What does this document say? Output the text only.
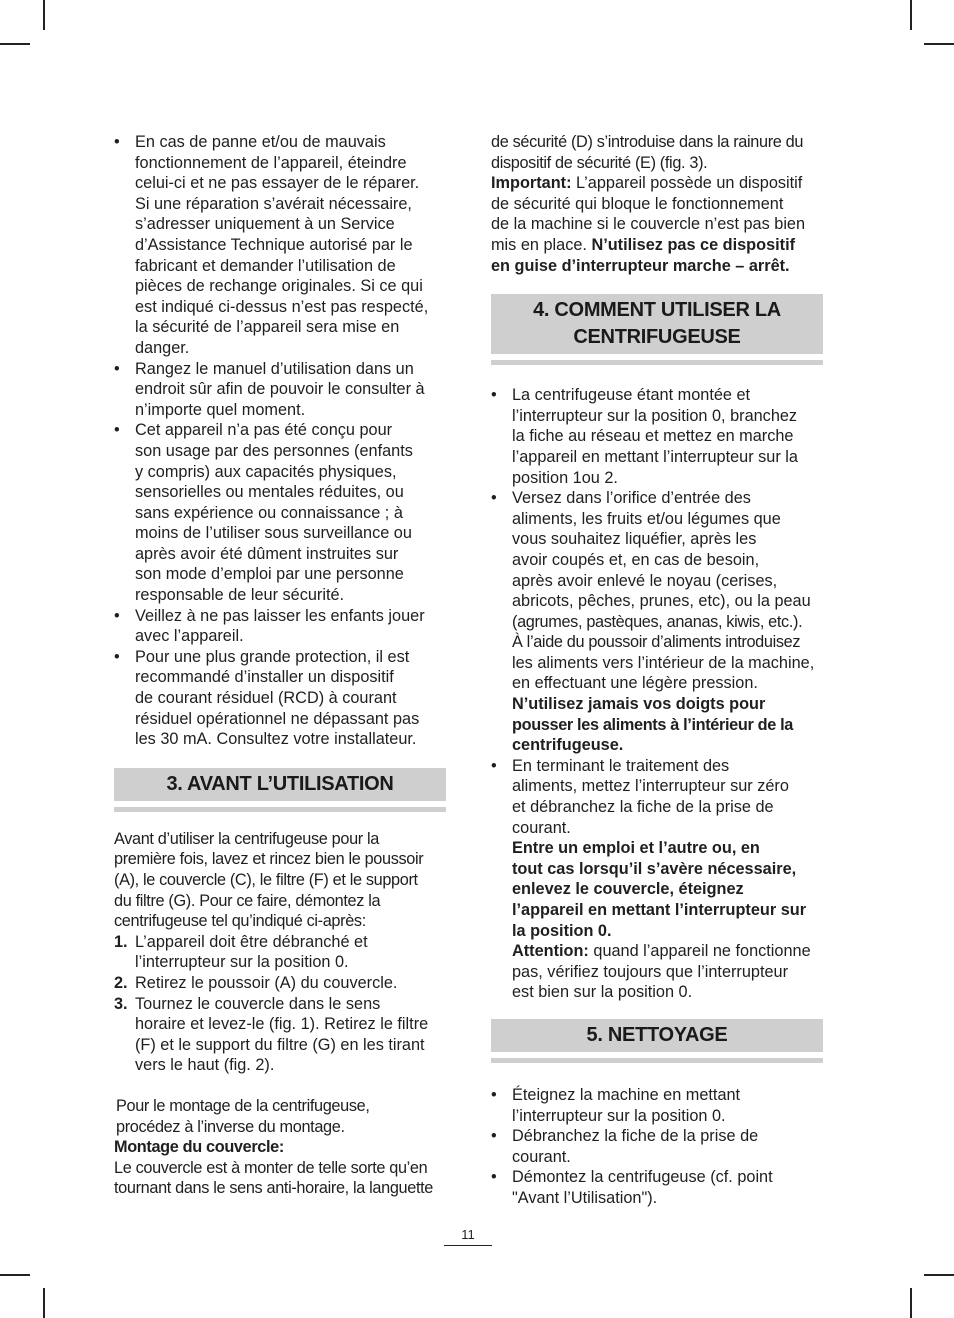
• En cas de panne et/ou de mauvais
fonctionnement de l’appareil, éteindre
celui-ci et ne pas essayer de le réparer.
Si une réparation s’avérait nécessaire,
s’adresser uniquement à un Service
d’Assistance Technique autorisé par le
fabricant et demander l’utilisation de
pièces de rechange originales. Si ce qui
est indiqué ci-dessus n’est pas respecté,
la sécurité de l’appareil sera mise en
danger.
• Rangez le manuel d’utilisation dans un
endroit sûr afin de pouvoir le consulter à
n’importe quel moment.
• Cet appareil n’a pas été conçu pour
son usage par des personnes (enfants
y compris) aux capacités physiques,
sensorielles ou mentales réduites, ou
sans expérience ou connaissance ; à
moins de l’utiliser sous surveillance ou
après avoir été dûment instruites sur
son mode d’emploi par une personne
responsable de leur sécurité.
• Veillez à ne pas laisser les enfants jouer
avec l’appareil.
• Pour une plus grande protection, il est
recommandé d’installer un dispositif
de courant résiduel (RCD) à courant
résiduel opérationnel ne dépassant pas
les 30 mA. Consultez votre installateur.
3. AVANT L’UTILISATION
Avant d’utiliser la centrifugeuse pour la
première fois, lavez et rincez bien le poussoir
(A), le couvercle (C), le filtre (F) et le support
du filtre (G). Pour ce faire, démontez la
centrifugeuse tel qu’indiqué ci-après:
1. L’appareil doit être débranché et
l’interrupteur sur la position 0.
2. Retirez le poussoir (A) du couvercle.
3. Tournez le couvercle dans le sens
horaire et levez-le (fig. 1). Retirez le filtre
(F) et le support du filtre (G) en les tirant
vers le haut (fig. 2).
Pour le montage de la centrifugeuse,
procédez à l’inverse du montage.
Montage du couvercle:
Le couvercle est à monter de telle sorte qu’en
tournant dans le sens anti-horaire, la languette
de sécurité (D) s’introduise dans la rainure du
dispositif de sécurité (E) (fig. 3).
Important: L’appareil possède un dispositif
de sécurité qui bloque le fonctionnement
de la machine si le couvercle n’est pas bien
mis en place. N’utilisez pas ce dispositif
en guise d’interrupteur marche – arrêt.
4. COMMENT UTILISER LA
CENTRIFUGEUSE
• La centrifugeuse étant montée et
l’interrupteur sur la position 0, branchez
la fiche au réseau et mettez en marche
l’appareil en mettant l’interrupteur sur la
position 1ou 2.
• Versez dans l’orifice d’entrée des
aliments, les fruits et/ou légumes que
vous souhaitez liquéfier, après les
avoir coupés et, en cas de besoin,
après avoir enlevé le noyau (cerises,
abricots, pêches, prunes, etc), ou la peau
(agrumes, pastèques, ananas, kiwis, etc.).
À l’aide du poussoir d’aliments introduisez
les aliments vers l’intérieur de la machine,
en effectuant une légère pression.
N’utilisez jamais vos doigts pour
pousser les aliments à l’intérieur de la
centrifugeuse.
• En terminant le traitement des
aliments, mettez l’interrupteur sur zéro
et débranchez la fiche de la prise de
courant.
Entre un emploi et l’autre ou, en
tout cas lorsqu’il s’avère nécessaire,
enlevez le couvercle, éteignez
l’appareil en mettant l’interrupteur sur
la position 0.
Attention: quand l’appareil ne fonctionne
pas, vérifiez toujours que l’interrupteur
est bien sur la position 0.
5. NETTOYAGE
• Éteignez la machine en mettant
l’interrupteur sur la position 0.
• Débranchez la fiche de la prise de
courant.
• Démontez la centrifugeuse (cf. point
"Avant l’Utilisation").
11
